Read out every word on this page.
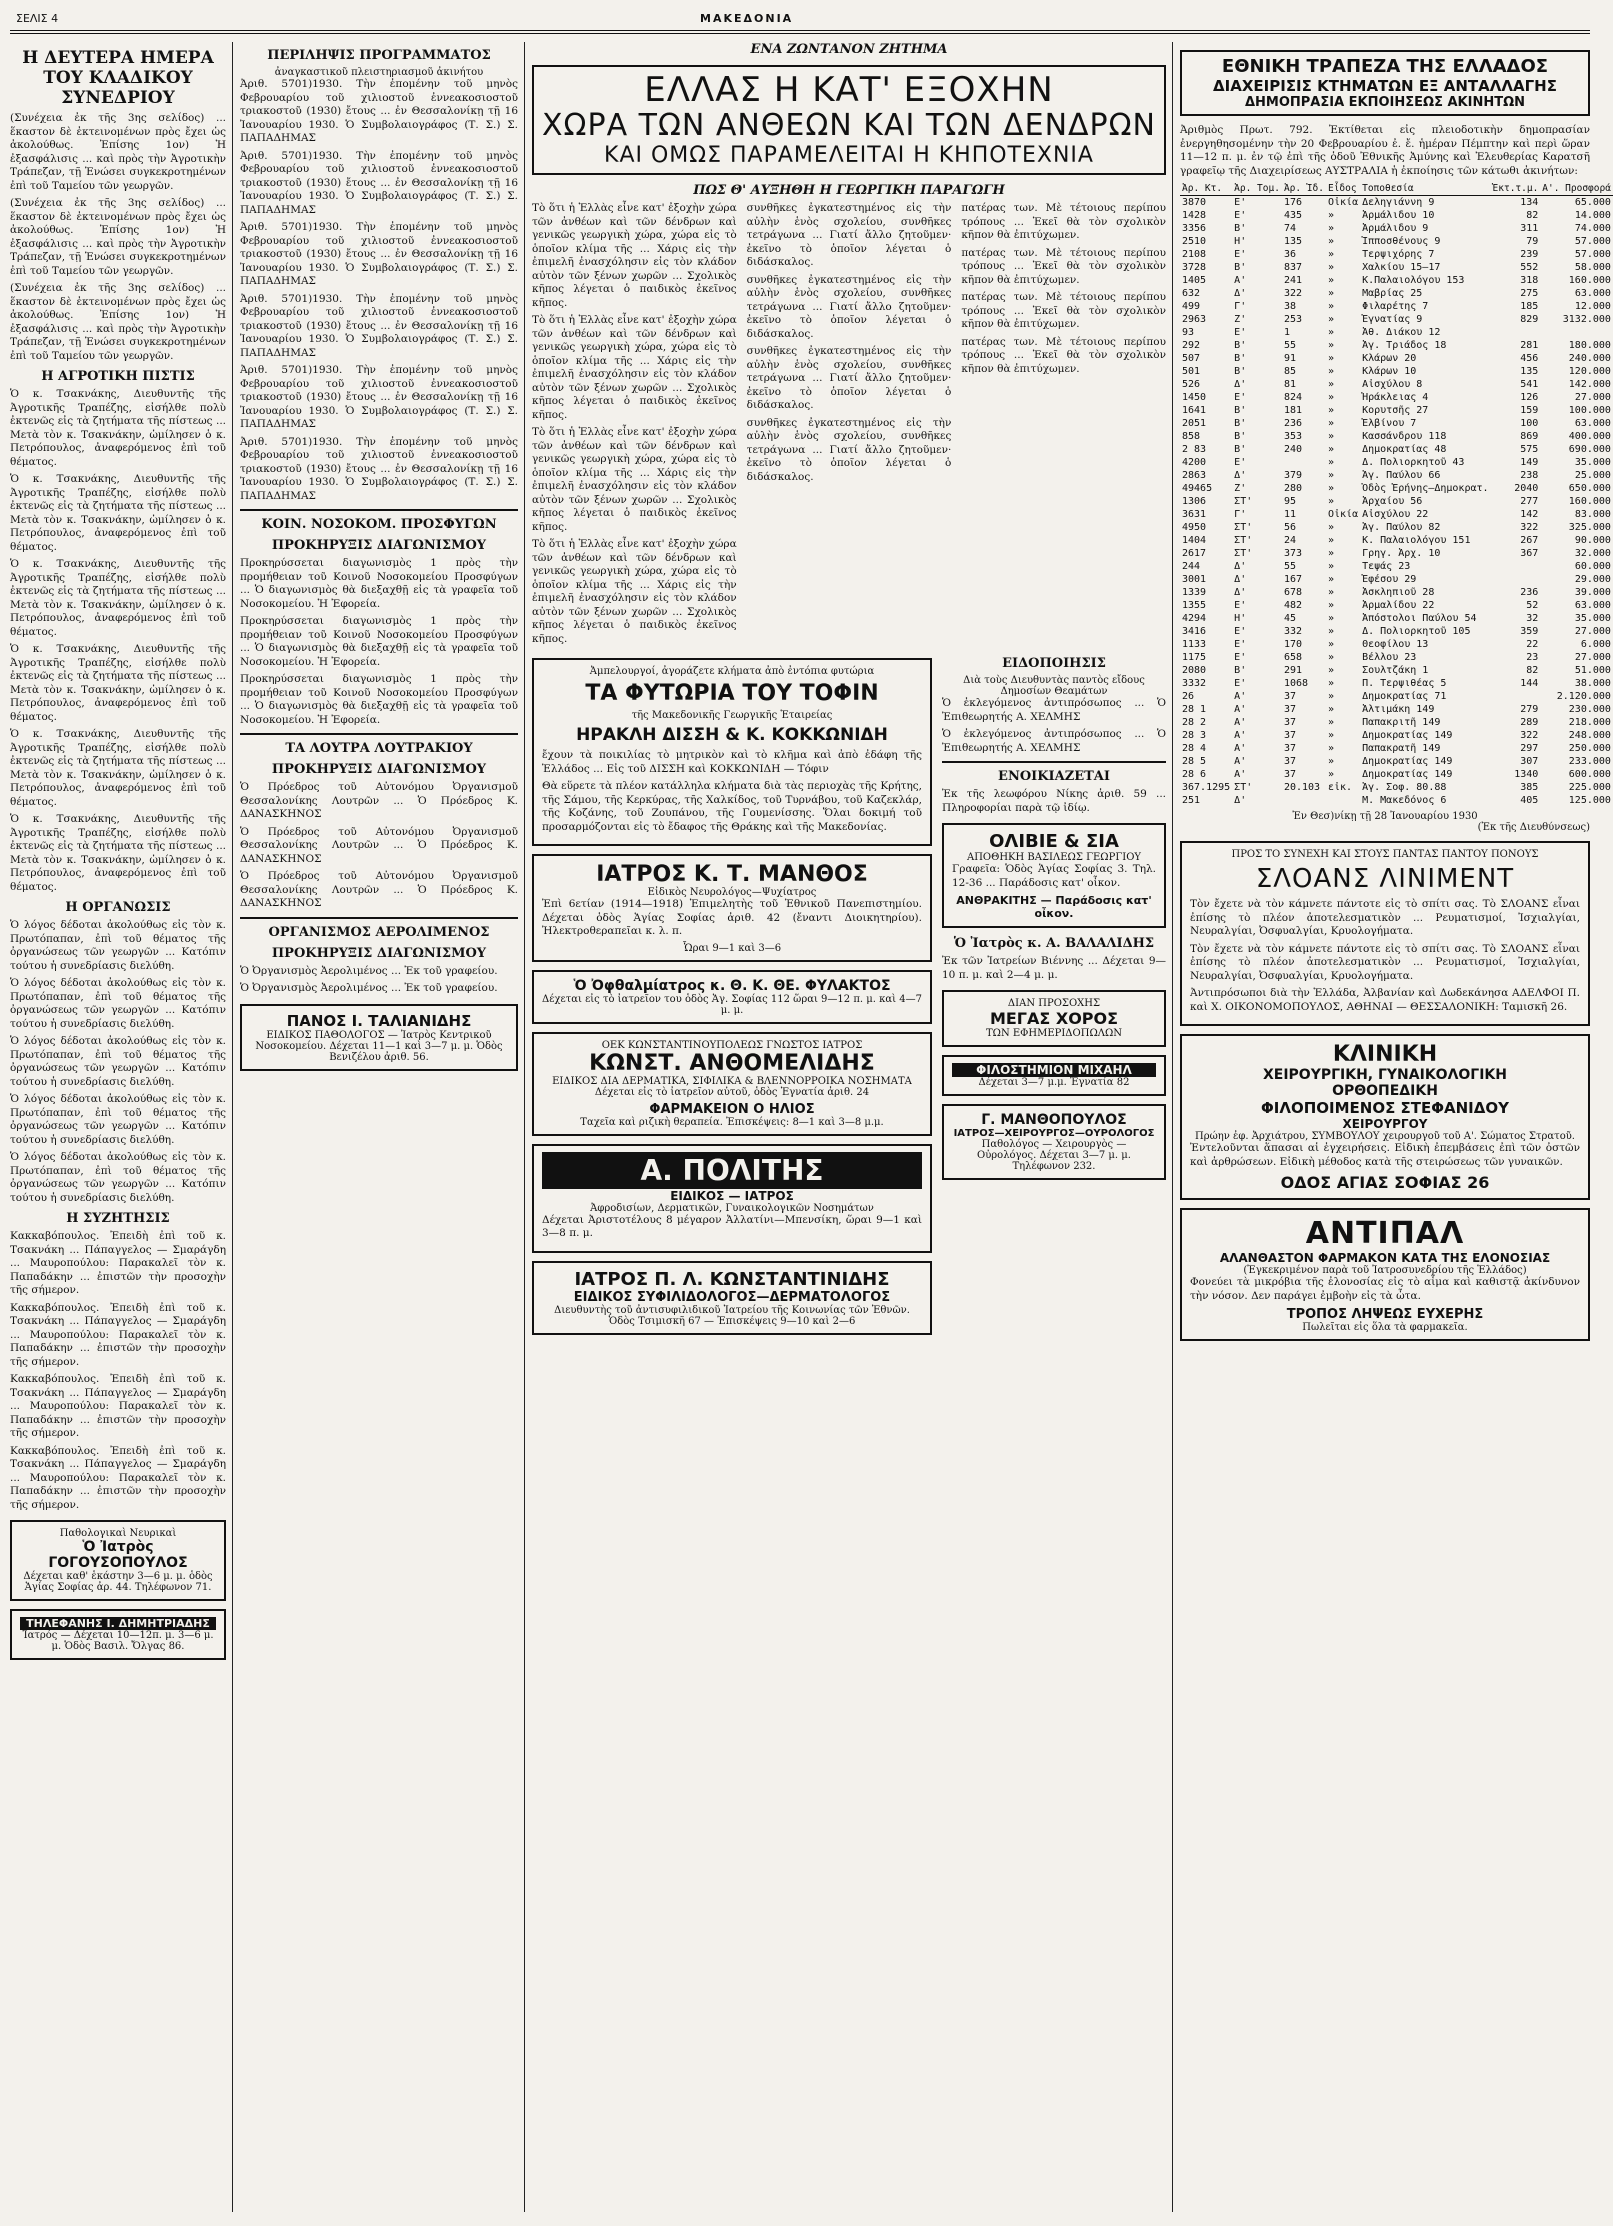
ΣΕΛΙΣ 4	ΜΑΚΕΔΟΝΙΑ
Η ΔΕΥΤΕΡΑ ΗΜΕΡΑ ΤΟΥ ΚΛΑΔΙΚΟΥ ΣΥΝΕΔΡΙΟΥ

(Συνέχεια ἐκ τῆς 3ης σελίδος) ... ἕκαστον δὲ ἐκτεινομένων πρὸς ἔχει ὡς ἀκολούθως. Ἐπίσης 1ον) Ἡ ἐξασφάλισις ... καὶ πρὸς τὴν Ἀγροτικὴν Τράπεζαν, τῇ Ἑνώσει συγκεκροτημένων ἐπὶ τοῦ Ταμείου τῶν γεωργῶν.

(Συνέχεια ἐκ τῆς 3ης σελίδος) ... ἕκαστον δὲ ἐκτεινομένων πρὸς ἔχει ὡς ἀκολούθως. Ἐπίσης 1ον) Ἡ ἐξασφάλισις ... καὶ πρὸς τὴν Ἀγροτικὴν Τράπεζαν, τῇ Ἑνώσει συγκεκροτημένων ἐπὶ τοῦ Ταμείου τῶν γεωργῶν.

(Συνέχεια ἐκ τῆς 3ης σελίδος) ... ἕκαστον δὲ ἐκτεινομένων πρὸς ἔχει ὡς ἀκολούθως. Ἐπίσης 1ον) Ἡ ἐξασφάλισις ... καὶ πρὸς τὴν Ἀγροτικὴν Τράπεζαν, τῇ Ἑνώσει συγκεκροτημένων ἐπὶ τοῦ Ταμείου τῶν γεωργῶν.

Η ΑΓΡΟΤΙΚΗ ΠΙΣΤΙΣ

Ὁ κ. Τσακνάκης, Διευθυντῆς τῆς Ἀγροτικῆς Τραπέζης, εἰσήλθε πολὺ ἐκτενῶς εἰς τὰ ζητήματα τῆς πίστεως ... Μετὰ τὸν κ. Τσακνάκην, ὡμίλησεν ὁ κ. Πετρόπουλος, ἀναφερόμενος ἐπὶ τοῦ θέματος.

Ὁ κ. Τσακνάκης, Διευθυντῆς τῆς Ἀγροτικῆς Τραπέζης, εἰσήλθε πολὺ ἐκτενῶς εἰς τὰ ζητήματα τῆς πίστεως ... Μετὰ τὸν κ. Τσακνάκην, ὡμίλησεν ὁ κ. Πετρόπουλος, ἀναφερόμενος ἐπὶ τοῦ θέματος.

Ὁ κ. Τσακνάκης, Διευθυντῆς τῆς Ἀγροτικῆς Τραπέζης, εἰσήλθε πολὺ ἐκτενῶς εἰς τὰ ζητήματα τῆς πίστεως ... Μετὰ τὸν κ. Τσακνάκην, ὡμίλησεν ὁ κ. Πετρόπουλος, ἀναφερόμενος ἐπὶ τοῦ θέματος.

Ὁ κ. Τσακνάκης, Διευθυντῆς τῆς Ἀγροτικῆς Τραπέζης, εἰσήλθε πολὺ ἐκτενῶς εἰς τὰ ζητήματα τῆς πίστεως ... Μετὰ τὸν κ. Τσακνάκην, ὡμίλησεν ὁ κ. Πετρόπουλος, ἀναφερόμενος ἐπὶ τοῦ θέματος.

Ὁ κ. Τσακνάκης, Διευθυντῆς τῆς Ἀγροτικῆς Τραπέζης, εἰσήλθε πολὺ ἐκτενῶς εἰς τὰ ζητήματα τῆς πίστεως ... Μετὰ τὸν κ. Τσακνάκην, ὡμίλησεν ὁ κ. Πετρόπουλος, ἀναφερόμενος ἐπὶ τοῦ θέματος.

Ὁ κ. Τσακνάκης, Διευθυντῆς τῆς Ἀγροτικῆς Τραπέζης, εἰσήλθε πολὺ ἐκτενῶς εἰς τὰ ζητήματα τῆς πίστεως ... Μετὰ τὸν κ. Τσακνάκην, ὡμίλησεν ὁ κ. Πετρόπουλος, ἀναφερόμενος ἐπὶ τοῦ θέματος.

Η ΟΡΓΑΝΩΣΙΣ

Ὁ λόγος δέδοται ἀκολούθως εἰς τὸν κ. Πρωτόπαπαν, ἐπὶ τοῦ θέματος τῆς ὀργανώσεως τῶν γεωργῶν ... Κατόπιν τούτου ἡ συνεδρίασις διελύθη.

Ὁ λόγος δέδοται ἀκολούθως εἰς τὸν κ. Πρωτόπαπαν, ἐπὶ τοῦ θέματος τῆς ὀργανώσεως τῶν γεωργῶν ... Κατόπιν τούτου ἡ συνεδρίασις διελύθη.

Ὁ λόγος δέδοται ἀκολούθως εἰς τὸν κ. Πρωτόπαπαν, ἐπὶ τοῦ θέματος τῆς ὀργανώσεως τῶν γεωργῶν ... Κατόπιν τούτου ἡ συνεδρίασις διελύθη.

Ὁ λόγος δέδοται ἀκολούθως εἰς τὸν κ. Πρωτόπαπαν, ἐπὶ τοῦ θέματος τῆς ὀργανώσεως τῶν γεωργῶν ... Κατόπιν τούτου ἡ συνεδρίασις διελύθη.

Ὁ λόγος δέδοται ἀκολούθως εἰς τὸν κ. Πρωτόπαπαν, ἐπὶ τοῦ θέματος τῆς ὀργανώσεως τῶν γεωργῶν ... Κατόπιν τούτου ἡ συνεδρίασις διελύθη.

Η ΣΥΖΗΤΗΣΙΣ

Κακκαβόπουλος. Ἐπειδὴ ἐπὶ τοῦ κ. Τσακνάκη ... Πάπαγγελος — Σμαράγδη ... Μαυροπούλου: Παρακαλεῖ τὸν κ. Παπαδάκην ... ἐπιστῶν τὴν προσοχὴν τῆς σήμερον.

Κακκαβόπουλος. Ἐπειδὴ ἐπὶ τοῦ κ. Τσακνάκη ... Πάπαγγελος — Σμαράγδη ... Μαυροπούλου: Παρακαλεῖ τὸν κ. Παπαδάκην ... ἐπιστῶν τὴν προσοχὴν τῆς σήμερον.

Κακκαβόπουλος. Ἐπειδὴ ἐπὶ τοῦ κ. Τσακνάκη ... Πάπαγγελος — Σμαράγδη ... Μαυροπούλου: Παρακαλεῖ τὸν κ. Παπαδάκην ... ἐπιστῶν τὴν προσοχὴν τῆς σήμερον.

Κακκαβόπουλος. Ἐπειδὴ ἐπὶ τοῦ κ. Τσακνάκη ... Πάπαγγελος — Σμαράγδη ... Μαυροπούλου: Παρακαλεῖ τὸν κ. Παπαδάκην ... ἐπιστῶν τὴν προσοχὴν τῆς σήμερον.

Παθολογικαὶ Νευρικαὶ
Ὁ Ἰατρὸς ΓΟΓΟΥΣΟΠΟΥΛΟΣ
Δέχεται καθ' ἑκάστην 3—6 μ. μ. ὁδὸς Ἁγίας Σοφίας ἀρ. 44. Τηλέφωνον 71.
ΤΗΛΕΦΑΝΗΣ Ι. ΔΗΜΗΤΡΙΑΔΗΣ
Ἰατρός — Δέχεται 10—12π. μ. 3—6 μ. μ. Ὁδὸς Βασιλ. Ὄλγας 86.
ΠΕΡΙΛΗΨΙΣ ΠΡΟΓΡΑΜΜΑΤΟΣ
ἀναγκαστικοῦ πλειστηριασμοῦ ἀκινήτου

Ἀριθ. 5701)1930. Τὴν ἐπομένην τοῦ μηνὸς Φεβρουαρίου τοῦ χιλιοστοῦ ἐννεακοσιοστοῦ τριακοστοῦ (1930) ἔτους ... ἐν Θεσσαλονίκῃ τῇ 16 Ἰανουαρίου 1930. Ὁ Συμβολαιογράφος (Τ. Σ.) Σ. ΠΑΠΑΔΗΜΑΣ

Ἀριθ. 5701)1930. Τὴν ἐπομένην τοῦ μηνὸς Φεβρουαρίου τοῦ χιλιοστοῦ ἐννεακοσιοστοῦ τριακοστοῦ (1930) ἔτους ... ἐν Θεσσαλονίκῃ τῇ 16 Ἰανουαρίου 1930. Ὁ Συμβολαιογράφος (Τ. Σ.) Σ. ΠΑΠΑΔΗΜΑΣ

Ἀριθ. 5701)1930. Τὴν ἐπομένην τοῦ μηνὸς Φεβρουαρίου τοῦ χιλιοστοῦ ἐννεακοσιοστοῦ τριακοστοῦ (1930) ἔτους ... ἐν Θεσσαλονίκῃ τῇ 16 Ἰανουαρίου 1930. Ὁ Συμβολαιογράφος (Τ. Σ.) Σ. ΠΑΠΑΔΗΜΑΣ

Ἀριθ. 5701)1930. Τὴν ἐπομένην τοῦ μηνὸς Φεβρουαρίου τοῦ χιλιοστοῦ ἐννεακοσιοστοῦ τριακοστοῦ (1930) ἔτους ... ἐν Θεσσαλονίκῃ τῇ 16 Ἰανουαρίου 1930. Ὁ Συμβολαιογράφος (Τ. Σ.) Σ. ΠΑΠΑΔΗΜΑΣ

Ἀριθ. 5701)1930. Τὴν ἐπομένην τοῦ μηνὸς Φεβρουαρίου τοῦ χιλιοστοῦ ἐννεακοσιοστοῦ τριακοστοῦ (1930) ἔτους ... ἐν Θεσσαλονίκῃ τῇ 16 Ἰανουαρίου 1930. Ὁ Συμβολαιογράφος (Τ. Σ.) Σ. ΠΑΠΑΔΗΜΑΣ

Ἀριθ. 5701)1930. Τὴν ἐπομένην τοῦ μηνὸς Φεβρουαρίου τοῦ χιλιοστοῦ ἐννεακοσιοστοῦ τριακοστοῦ (1930) ἔτους ... ἐν Θεσσαλονίκῃ τῇ 16 Ἰανουαρίου 1930. Ὁ Συμβολαιογράφος (Τ. Σ.) Σ. ΠΑΠΑΔΗΜΑΣ

ΚΟΙΝ. ΝΟΣΟΚΟΜ. ΠΡΟΣΦΥΓΩΝ
ΠΡΟΚΗΡΥΞΙΣ ΔΙΑΓΩΝΙΣΜΟΥ

Προκηρύσσεται διαγωνισμὸς 1 πρὸς τὴν προμήθειαν τοῦ Κοινοῦ Νοσοκομείου Προσφύγων ... Ὁ διαγωνισμὸς θὰ διεξαχθῇ εἰς τὰ γραφεῖα τοῦ Νοσοκομείου. Ἡ Ἐφορεία.

Προκηρύσσεται διαγωνισμὸς 1 πρὸς τὴν προμήθειαν τοῦ Κοινοῦ Νοσοκομείου Προσφύγων ... Ὁ διαγωνισμὸς θὰ διεξαχθῇ εἰς τὰ γραφεῖα τοῦ Νοσοκομείου. Ἡ Ἐφορεία.

Προκηρύσσεται διαγωνισμὸς 1 πρὸς τὴν προμήθειαν τοῦ Κοινοῦ Νοσοκομείου Προσφύγων ... Ὁ διαγωνισμὸς θὰ διεξαχθῇ εἰς τὰ γραφεῖα τοῦ Νοσοκομείου. Ἡ Ἐφορεία.

ΤΑ ΛΟΥΤΡΑ ΛΟΥΤΡΑΚΙΟΥ
ΠΡΟΚΗΡΥΞΙΣ ΔΙΑΓΩΝΙΣΜΟΥ

Ὁ Πρόεδρος τοῦ Αὐτονόμου Ὀργανισμοῦ Θεσσαλονίκης Λουτρῶν ... Ὁ Πρόεδρος Κ. ΔΑΝΑΣΚΗΝΟΣ

Ὁ Πρόεδρος τοῦ Αὐτονόμου Ὀργανισμοῦ Θεσσαλονίκης Λουτρῶν ... Ὁ Πρόεδρος Κ. ΔΑΝΑΣΚΗΝΟΣ

Ὁ Πρόεδρος τοῦ Αὐτονόμου Ὀργανισμοῦ Θεσσαλονίκης Λουτρῶν ... Ὁ Πρόεδρος Κ. ΔΑΝΑΣΚΗΝΟΣ

ΟΡΓΑΝΙΣΜΟΣ ΑΕΡΟΛΙΜΕΝΟΣ
ΠΡΟΚΗΡΥΞΙΣ ΔΙΑΓΩΝΙΣΜΟΥ

Ὁ Ὀργανισμὸς Ἀερολιμένος ... Ἐκ τοῦ γραφείου.

Ὁ Ὀργανισμὸς Ἀερολιμένος ... Ἐκ τοῦ γραφείου.

ΠΑΝΟΣ Ι. ΤΑΛΙΑΝΙΔΗΣ
ΕΙΔΙΚΟΣ ΠΑΘΟΛΟΓΟΣ — Ἰατρὸς Κεντρικοῦ Νοσοκομείου. Δέχεται 11—1 καὶ 3—7 μ. μ. Ὁδὸς Βενιζέλου ἀριθ. 56.
ΕΝΑ ΖΩΝΤΑΝΟΝ ΖΗΤΗΜΑ
ΕΛΛΑΣ Η ΚΑΤ' ΕΞΟΧΗΝ
ΧΩΡΑ ΤΩΝ ΑΝΘΕΩΝ ΚΑΙ ΤΩΝ ΔΕΝΔΡΩΝ
ΚΑΙ ΟΜΩΣ ΠΑΡΑΜΕΛΕΙΤΑΙ Η ΚΗΠΟΤΕΧΝΙΑ
ΠΩΣ Θ' ΑΥΞΗΘΗ Η ΓΕΩΡΓΙΚΗ ΠΑΡΑΓΩΓΗ

Τὸ ὅτι ἡ Ἑλλὰς εἶνε κατ' ἐξοχὴν χώρα τῶν ἀνθέων καὶ τῶν δένδρων καὶ γενικῶς γεωργικὴ χώρα, χώρα εἰς τὸ ὁποῖον κλίμα τῆς ... Χάρις εἰς τὴν ἐπιμελῆ ἐνασχόλησιν εἰς τὸν κλάδον αὐτὸν τῶν ξένων χωρῶν ... Σχολικὸς κῆπος λέγεται ὁ παιδικὸς ἐκεῖνος κῆπος.

Τὸ ὅτι ἡ Ἑλλὰς εἶνε κατ' ἐξοχὴν χώρα τῶν ἀνθέων καὶ τῶν δένδρων καὶ γενικῶς γεωργικὴ χώρα, χώρα εἰς τὸ ὁποῖον κλίμα τῆς ... Χάρις εἰς τὴν ἐπιμελῆ ἐνασχόλησιν εἰς τὸν κλάδον αὐτὸν τῶν ξένων χωρῶν ... Σχολικὸς κῆπος λέγεται ὁ παιδικὸς ἐκεῖνος κῆπος.

Τὸ ὅτι ἡ Ἑλλὰς εἶνε κατ' ἐξοχὴν χώρα τῶν ἀνθέων καὶ τῶν δένδρων καὶ γενικῶς γεωργικὴ χώρα, χώρα εἰς τὸ ὁποῖον κλίμα τῆς ... Χάρις εἰς τὴν ἐπιμελῆ ἐνασχόλησιν εἰς τὸν κλάδον αὐτὸν τῶν ξένων χωρῶν ... Σχολικὸς κῆπος λέγεται ὁ παιδικὸς ἐκεῖνος κῆπος.

Τὸ ὅτι ἡ Ἑλλὰς εἶνε κατ' ἐξοχὴν χώρα τῶν ἀνθέων καὶ τῶν δένδρων καὶ γενικῶς γεωργικὴ χώρα, χώρα εἰς τὸ ὁποῖον κλίμα τῆς ... Χάρις εἰς τὴν ἐπιμελῆ ἐνασχόλησιν εἰς τὸν κλάδον αὐτὸν τῶν ξένων χωρῶν ... Σχολικὸς κῆπος λέγεται ὁ παιδικὸς ἐκεῖνος κῆπος.

συνθῆκες ἐγκατεστημένος εἰς τὴν αὐλὴν ἑνὸς σχολείου, συνθῆκες τετράγωνα ... Γιατί ἄλλο ζητοῦμεν· ἐκεῖνο τὸ ὁποῖον λέγεται ὁ διδάσκαλος.

συνθῆκες ἐγκατεστημένος εἰς τὴν αὐλὴν ἑνὸς σχολείου, συνθῆκες τετράγωνα ... Γιατί ἄλλο ζητοῦμεν· ἐκεῖνο τὸ ὁποῖον λέγεται ὁ διδάσκαλος.

συνθῆκες ἐγκατεστημένος εἰς τὴν αὐλὴν ἑνὸς σχολείου, συνθῆκες τετράγωνα ... Γιατί ἄλλο ζητοῦμεν· ἐκεῖνο τὸ ὁποῖον λέγεται ὁ διδάσκαλος.

συνθῆκες ἐγκατεστημένος εἰς τὴν αὐλὴν ἑνὸς σχολείου, συνθῆκες τετράγωνα ... Γιατί ἄλλο ζητοῦμεν· ἐκεῖνο τὸ ὁποῖον λέγεται ὁ διδάσκαλος.

πατέρας των. Μὲ τέτοιους περίπου τρόπους ... Ἐκεῖ θὰ τὸν σχολικὸν κῆπον θὰ ἐπιτύχωμεν.

πατέρας των. Μὲ τέτοιους περίπου τρόπους ... Ἐκεῖ θὰ τὸν σχολικὸν κῆπον θὰ ἐπιτύχωμεν.

πατέρας των. Μὲ τέτοιους περίπου τρόπους ... Ἐκεῖ θὰ τὸν σχολικὸν κῆπον θὰ ἐπιτύχωμεν.

πατέρας των. Μὲ τέτοιους περίπου τρόπους ... Ἐκεῖ θὰ τὸν σχολικὸν κῆπον θὰ ἐπιτύχωμεν.

Ἀμπελουργοί, ἀγοράζετε κλήματα ἀπὸ ἐντόπια φυτώρια
ΤΑ ΦΥΤΩΡΙΑ ΤΟΥ ΤΟΦΙΝ
τῆς Μακεδονικῆς Γεωργικῆς Ἑταιρείας
ΗΡΑΚΛΗ ΔΙΣΣΗ & Κ. ΚΟΚΚΩΝΙΔΗ

ἔχουν τὰ ποικιλίας τὸ μητρικὸν καὶ τὸ κλῆμα καὶ ἀπὸ ἐδάφη τῆς Ἑλλάδος ... Εἰς τοῦ ΔΙΣΣΗ καὶ ΚΟΚΚΩΝΙΔΗ — Τόφιν

Θὰ εὕρετε τὰ πλέον κατάλληλα κλήματα διὰ τὰς περιοχὰς τῆς Κρήτης, τῆς Σάμου, τῆς Κερκύρας, τῆς Χαλκίδος, τοῦ Τυρνάβου, τοῦ Καζεκλάρ, τῆς Κοζάνης, τοῦ Ζουπάνου, τῆς Γουμενίσσης. Ὅλαι δοκιμή τοῦ προσαρμόζονται εἰς τὸ ἔδαφος τῆς Θράκης καὶ τῆς Μακεδονίας.

ΙΑΤΡΟΣ Κ. Τ. ΜΑΝΘΟΣ
Εἰδικὸς Νευρολόγος—Ψυχίατρος

Ἐπὶ 6ετίαν (1914—1918) Ἐπιμελητὴς τοῦ Ἐθνικοῦ Πανεπιστημίου. Δέχεται ὁδὸς Ἁγίας Σοφίας ἀριθ. 42 (ἔναντι Διοικητηρίου). Ἠλεκτροθεραπεῖαι κ. λ. π.

Ὧραι 9—1 καὶ 3—6
Ὁ Ὀφθαλμίατρος κ. Θ. Κ. ΘΕ. ΦΥΛΑΚΤΟΣ
Δέχεται εἰς τὸ ἰατρεῖον του ὁδὸς Ἁγ. Σοφίας 112 ὥραι 9—12 π. μ. καὶ 4—7 μ. μ.
ΟΕΚ ΚΩΝΣΤΑΝΤΙΝΟΥΠΟΛΕΩΣ ΓΝΩΣΤΟΣ ΙΑΤΡΟΣ
ΚΩΝΣΤ. ΑΝΘΟΜΕΛΙΔΗΣ
ΕΙΔΙΚΟΣ ΔΙΑ ΔΕΡΜΑΤΙΚΑ, ΣΙΦΙΛΙΚΑ & ΒΛΕΝΝΟΡΡΟΙΚΑ ΝΟΣΗΜΑΤΑ
Δέχεται εἰς τὸ ἰατρεῖον αὐτοῦ, ὁδὸς Ἐγνατία ἀριθ. 24
ΦΑΡΜΑΚΕΙΟΝ Ο ΗΛΙΟΣ
Ταχεῖα καὶ ριζικὴ θεραπεία. Ἐπισκέψεις: 8—1 καὶ 3—8 μ.μ.
Α. ΠΟΛΙΤΗΣ
ΕΙΔΙΚΟΣ — ΙΑΤΡΟΣ
Ἀφροδισίων, Δερματικῶν, Γυναικολογικῶν Νοσημάτων

Δέχεται Ἀριστοτέλους 8 μέγαρον Ἀλλατίνι—Μπενσίκη, ὥραι 9—1 καὶ 3—8 π. μ.

ΙΑΤΡΟΣ Π. Λ. ΚΩΝΣΤΑΝΤΙΝΙΔΗΣ
ΕΙΔΙΚΟΣ ΣΥΦΙΛΙΔΟΛΟΓΟΣ—ΔΕΡΜΑΤΟΛΟΓΟΣ
Διευθυντὴς τοῦ ἀντισυφιλιδικοῦ Ἰατρείου τῆς Κοινωνίας τῶν Ἐθνῶν. Ὁδὸς Τσιμισκῆ 67 — Ἐπισκέψεις 9—10 καὶ 2—6
ΕΙΔΟΠΟΙΗΣΙΣ
Διὰ τοὺς Διευθυντὰς παντὸς εἴδους Δημοσίων Θεαμάτων

Ὁ ἐκλεγόμενος ἀντιπρόσωπος ... Ὁ Ἐπιθεωρητής Α. ΧΕΛΜΗΣ

Ὁ ἐκλεγόμενος ἀντιπρόσωπος ... Ὁ Ἐπιθεωρητής Α. ΧΕΛΜΗΣ

ΕΝΟΙΚΙΑΖΕΤΑΙ

Ἐκ τῆς λεωφόρου Νίκης ἀριθ. 59 ... Πληροφορίαι παρὰ τῷ ἰδίῳ.

ΟΛΙΒΙΕ & ΣΙΑ
ΑΠΟΘΗΚΗ ΒΑΣΙΛΕΩΣ ΓΕΩΡΓΙΟΥ

Γραφεῖα: Ὁδὸς Ἁγίας Σοφίας 3. Τηλ. 12-36 ... Παράδοσις κατ' οἶκον.

ΑΝΘΡΑΚΙΤΗΣ — Παράδοσις κατ' οἶκον.
Ὁ Ἰατρὸς κ. Α. ΒΑΛΑΛΙΔΗΣ

Ἐκ τῶν Ἰατρείων Βιέννης ... Δέχεται 9—10 π. μ. καὶ 2—4 μ. μ.

ΔΙΑΝ ΠΡΟΣΟΧΗΣ
ΜΕΓΑΣ ΧΟΡΟΣ
ΤΩΝ ΕΦΗΜΕΡΙΔΟΠΩΛΩΝ
ΦΙΛΟΣΤΗΜΙΟΝ ΜΙΧΑΗΛ
Δέχεται 3—7 μ.μ. Ἐγνατία 82
Γ. ΜΑΝΘΟΠΟΥΛΟΣ
ΙΑΤΡΟΣ—ΧΕΙΡΟΥΡΓΟΣ—ΟΥΡΟΛΟΓΟΣ
Παθολόγος — Χειρουργὸς — Οὐρολόγος. Δέχεται 3—7 μ. μ. Τηλέφωνον 232.
ΕΘΝΙΚΗ ΤΡΑΠΕΖΑ ΤΗΣ ΕΛΛΑΔΟΣ
ΔΙΑΧΕΙΡΙΣΙΣ ΚΤΗΜΑΤΩΝ ΕΞ ΑΝΤΑΛΛΑΓΗΣ
ΔΗΜΟΠΡΑΣΙΑ ΕΚΠΟΙΗΣΕΩΣ ΑΚΙΝΗΤΩΝ

Ἀριθμὸς Πρωτ. 792. Ἐκτίθεται εἰς πλειοδοτικὴν δημοπρασίαν ἐνεργηθησομένην τὴν 20 Φεβρουαρίου ἐ. ἔ. ἡμέραν Πέμπτην καὶ περὶ ὥραν 11—12 π. μ. ἐν τῷ ἐπὶ τῆς ὁδοῦ Ἐθνικῆς Ἀμύνης καὶ Ἐλευθερίας Καρατσῆ γραφεῖῳ τῆς Διαχειρίσεως ΑΥΣΤΡΑΛΙΑ ἡ ἐκποίησις τῶν κάτωθι ἀκινήτων:

Ἀρ. Κτ.	Ἀρ. Τομ.	Ἀρ. Ἱδ.	Εἶδος	Τοποθεσία	Ἐκτ.τ.μ.	Α'. Προσφορά
3870	Ε'	176	Οἰκία	Δεληγιάννη 9	134	65.000
1428	Ε'	435	»	Ἀρμάλιδου 10	82	14.000
3356	Β'	74	»	Ἀρμάλιδου 9	311	74.000
2510	Η'	135	»	Ἰπποσθένους 9	79	57.000
2108	Ε'	36	»	Τερψιχόρης 7	239	57.000
3728	Β'	837	»	Χαλκίου 15—17	552	58.000
1405	Α'	241	»	Κ.Παλαιολόγου 153	318	160.000
632	Δ'	322	»	Μαβρίας 25	275	63.000
499	Γ'	38	»	Φιλαρέτης 7	185	12.000
2963	Ζ'	253	»	Ἐγνατίας 9	829	3132.000
93	Ε'	1	»	Ἀθ. Διάκου 12		
292	Β'	55	»	Ἀγ. Τριάδος 18	281	180.000
507	Β'	91	»	Κλάρων 20	456	240.000
501	Β'	85	»	Κλάρων 10	135	120.000
526	Δ'	81	»	Αἰσχύλου 8	541	142.000
1450	Ε'	824	»	Ἡράκλειας 4	126	27.000
1641	Β'	181	»	Κορυτσῆς 27	159	100.000
2051	Β'	236	»	Ἐλβίνου 7	100	63.000
858	Β'	353	»	Κασσάνδρου 118	869	400.000
2 83	Β'	240	»	Δημοκρατίας 48	575	690.000
4200	Ε'		»	Δ. Πολιορκητοῦ 43	149	35.000
2863	Δ'	379	»	Ἁγ. Παύλου 66	238	25.000
49465	Ζ'	280	»	Ὁδὸς Ἐρήνης—Δημοκρατ.	2040	650.000
1306	ΣΤ'	95	»	Ἀρχαίου 56	277	160.000
3631	Γ'	11	Οἰκία	Αἰσχύλου 22	142	83.000
4950	ΣΤ'	56	»	Ἁγ. Παύλου 82	322	325.000
1404	ΣΤ'	24	»	Κ. Παλαιολόγου 151	267	90.000
2617	ΣΤ'	373	»	Γρηγ. Ἀρχ. 10	367	32.000
244	Δ'	55	»	Τεψάς 23		60.000
3001	Δ'	167	»	Ἐφέσου 29		29.000
1339	Δ'	678	»	Ἀσκληπιοῦ 28	236	39.000
1355	Ε'	482	»	Ἀρμαλίδου 22	52	63.000
4294	Η'	45	»	Ἀπόστολοι Παύλου 54	32	35.000
3416	Ε'	332	»	Δ. Πολιορκητοῦ 105	359	27.000
1133	Ε'	170	»	Θεοφίλου 13	22	6.000
1175	Ε'	658	»	Βέλλου 23	23	27.000
2080	Β'	291	»	Σουλτζάκη 1	82	51.000
3332	Ε'	1068	»	Π. Τερψιθέας 5	144	38.000
26	Α'	37	»	Δημοκρατίας 71		2.120.000
28 1	Α'	37	»	Ἀλτιμάκη 149	279	230.000
28 2	Α'	37	»	Παπακριτῆ 149	289	218.000
28 3	Α'	37	»	Δημοκρατίας 149	322	248.000
28 4	Α'	37	»	Παπακρατῆ 149	297	250.000
28 5	Α'	37	»	Δημοκρατίας 149	307	233.000
28 6	Α'	37	»	Δημοκρατίας 149	1340	600.000
367.1295	ΣΤ'	20.103	εἰκ.	Ἁγ. Σοφ. 80.88	385	225.000
251	Δ'			Μ. Μακεδόνος 6	405	125.000
Ἐν Θεσ)νίκῃ τῇ 28 Ἰανουαρίου 1930
(Ἐκ τῆς Διευθύνσεως)
ΠΡΟΣ ΤΟ ΣΥΝΕΧΗ ΚΑΙ ΣΤΟΥΣ ΠΑΝΤΑΣ ΠΑΝΤΟΥ ΠΟΝΟΥΣ
ΣΛΟΑΝΣ ΛΙΝΙΜΕΝΤ

Τὸν ἔχετε νὰ τὸν κάμνετε πάντοτε εἰς τὸ σπίτι σας. Τὸ ΣΛΟΑΝΣ εἶναι ἐπίσης τὸ πλέον ἀποτελεσματικὸν ... Ρευματισμοί, Ἰσχιαλγίαι, Νευραλγίαι, Ὀσφυαλγίαι, Κρυολογήματα.

Τὸν ἔχετε νὰ τὸν κάμνετε πάντοτε εἰς τὸ σπίτι σας. Τὸ ΣΛΟΑΝΣ εἶναι ἐπίσης τὸ πλέον ἀποτελεσματικὸν ... Ρευματισμοί, Ἰσχιαλγίαι, Νευραλγίαι, Ὀσφυαλγίαι, Κρυολογήματα.

Ἀντιπρόσωποι διὰ τὴν Ἑλλάδα, Ἀλβανίαν καὶ Δωδεκάνησα ΑΔΕΛΦΟΙ Π. καὶ Χ. ΟΙΚΟΝΟΜΟΠΟΥΛΟΣ, ΑΘΗΝΑΙ — ΘΕΣΣΑΛΟΝΙΚΗ: Ταμισκῆ 26.

ΚΛΙΝΙΚΗ
ΧΕΙΡΟΥΡΓΙΚΗ, ΓΥΝΑΙΚΟΛΟΓΙΚΗ
ΟΡΘΟΠΕΔΙΚΗ
ΦΙΛΟΠΟΙΜΕΝΟΣ ΣΤΕΦΑΝΙΔΟΥ
ΧΕΙΡΟΥΡΓΟΥ
Πρώην ἐφ. Ἀρχιάτρου, ΣΥΜΒΟΥΛΟΥ χειρουργοῦ τοῦ Α'. Σώματος Στρατοῦ.

Ἐντελοῦνται ἅπασαι αἱ ἐγχειρήσεις. Εἰδικὴ ἐπεμβάσεις ἐπὶ τῶν ὀστῶν καὶ ἀρθρώσεων. Εἰδικὴ μέθοδος κατὰ τῆς στειρώσεως τῶν γυναικῶν.

ΟΔΟΣ ΑΓΙΑΣ ΣΟΦΙΑΣ 26
ΑΝΤΙΠΑΛ
ΑΛΑΝΘΑΣΤΟΝ ΦΑΡΜΑΚΟΝ ΚΑΤΑ ΤΗΣ ΕΛΟΝΟΣΙΑΣ
(Ἐγκεκριμένον παρὰ τοῦ Ἰατροσυνεδρίου τῆς Ἑλλάδος)

Φονεύει τὰ μικρόβια τῆς ἐλονοσίας εἰς τὸ αἷμα καὶ καθιστᾷ ἀκίνδυνον τὴν νόσον. Δεν παράγει ἐμβοὴν εἰς τὰ ὦτα.

ΤΡΟΠΟΣ ΛΗΨΕΩΣ ΕΥΧΕΡΗΣ
Πωλεῖται εἰς ὅλα τὰ φαρμακεῖα.
